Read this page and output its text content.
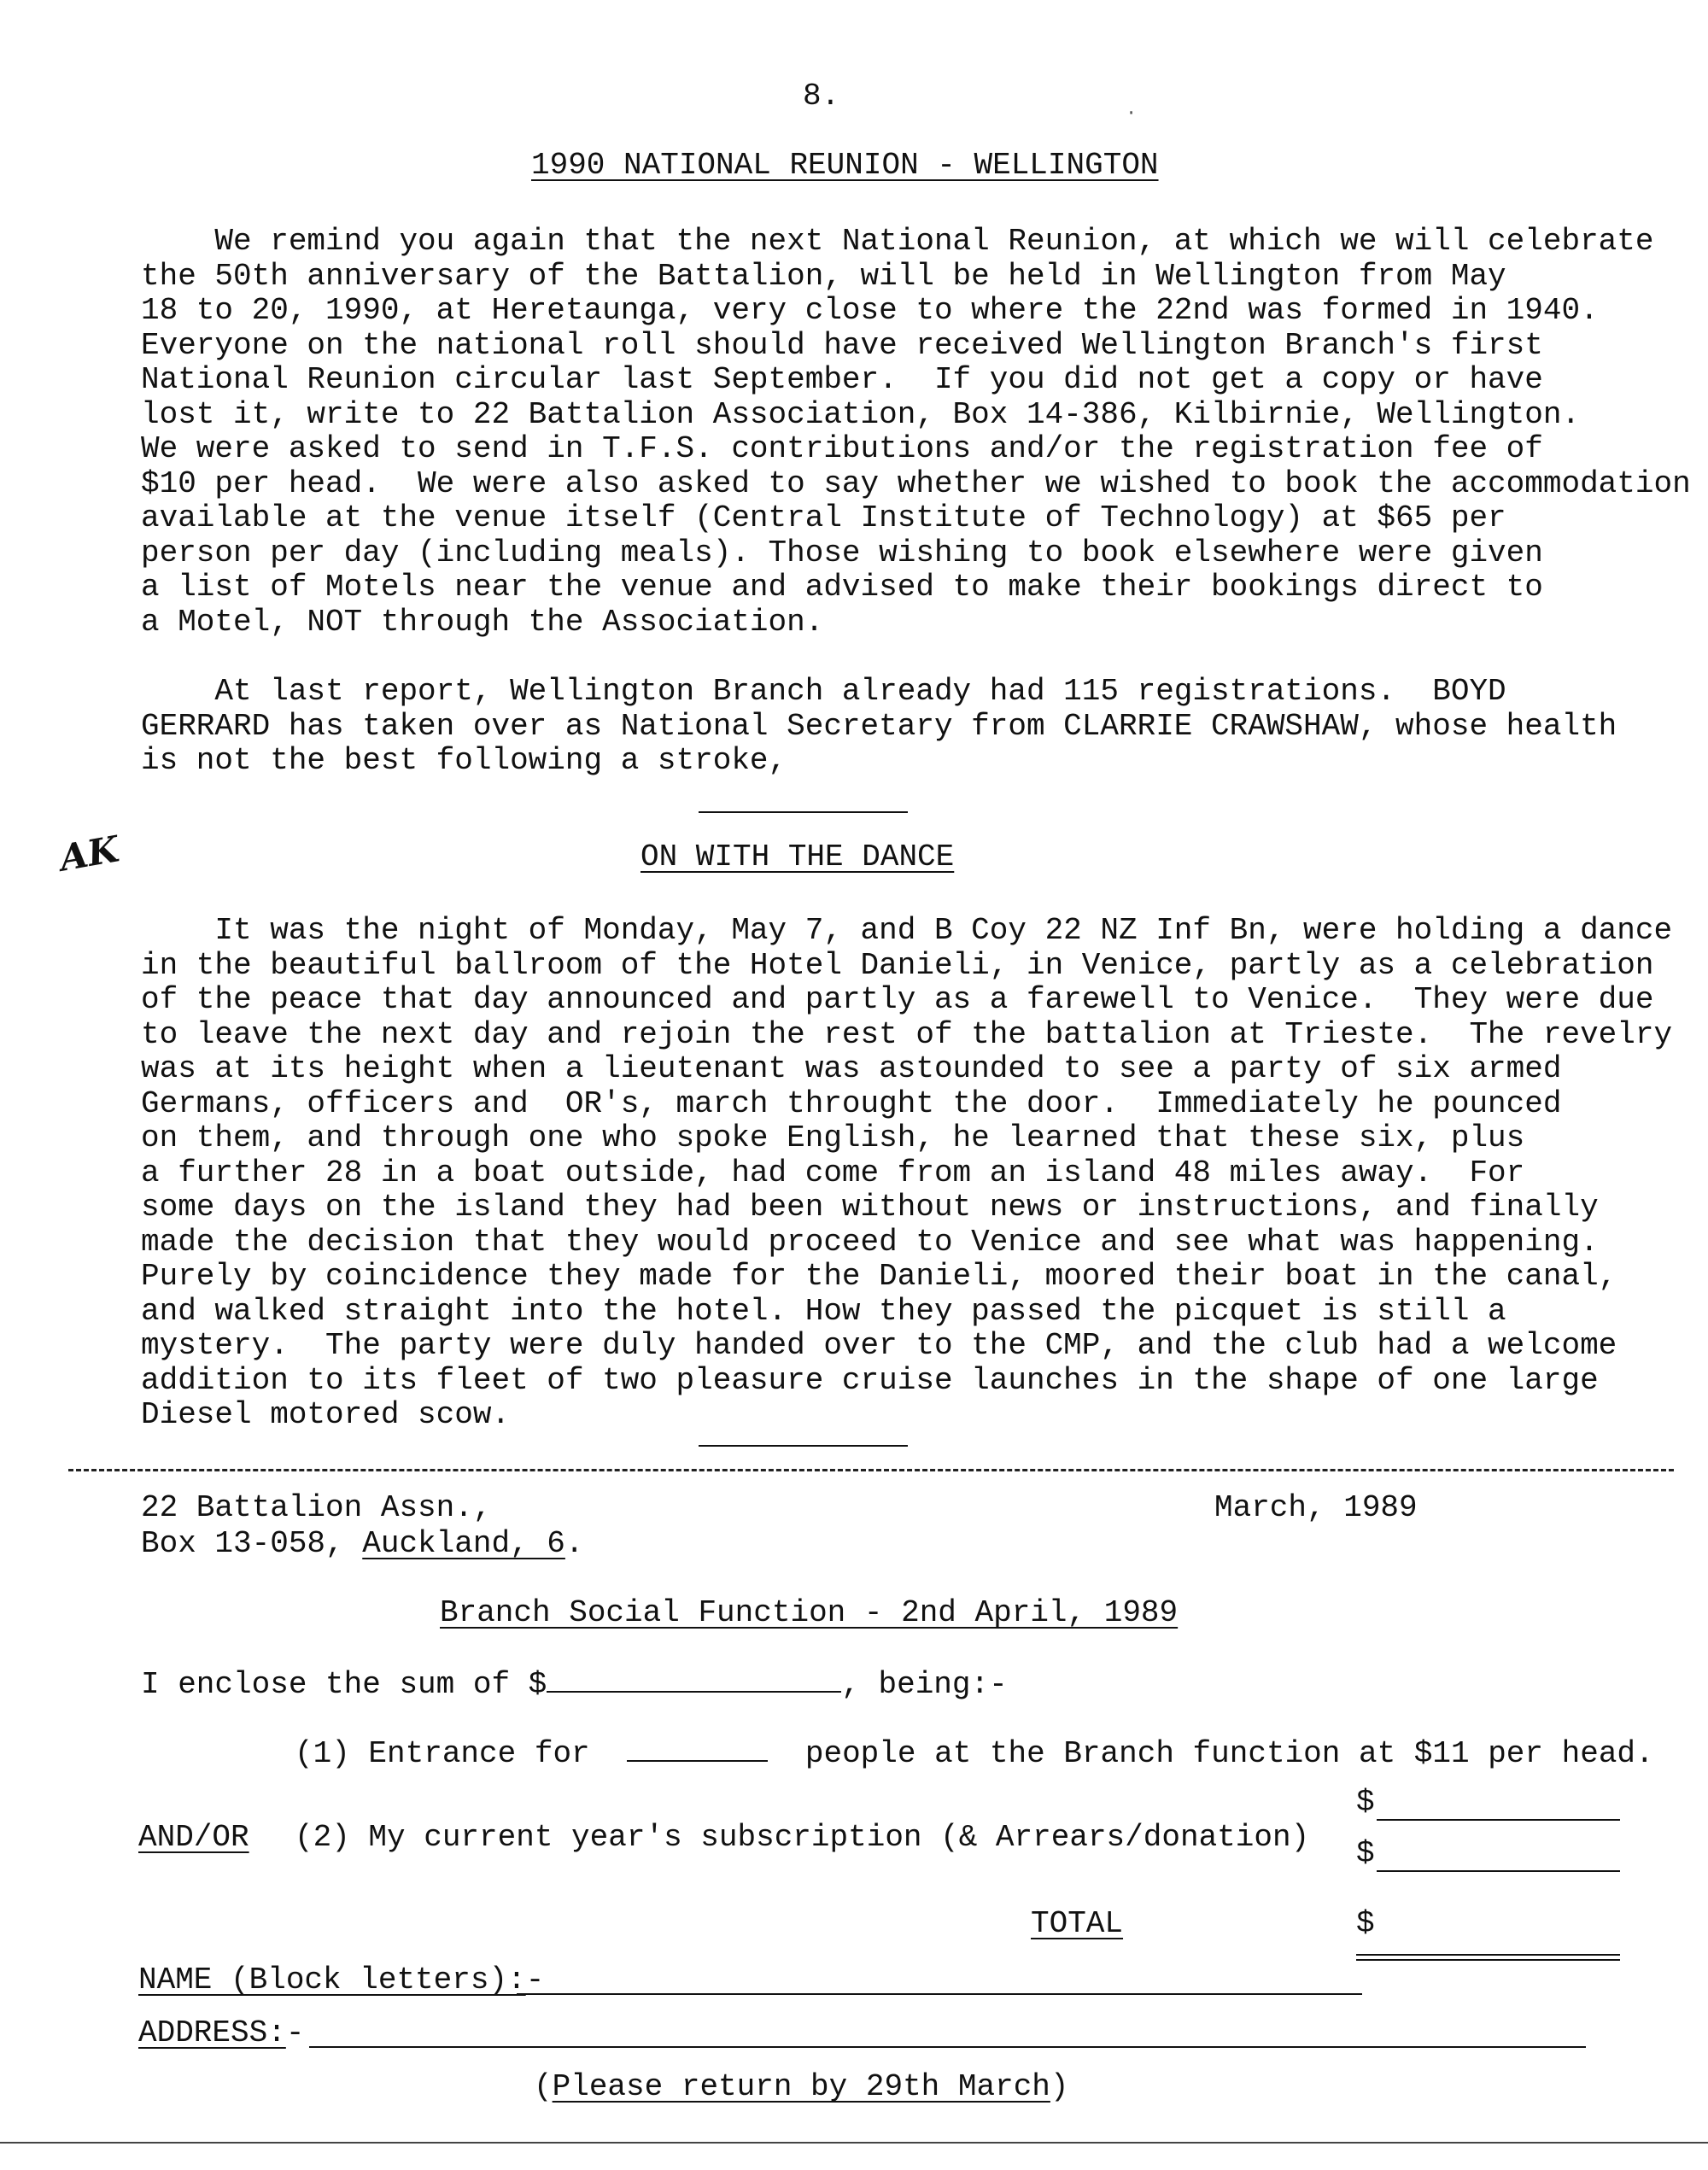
8.	·
1990 NATIONAL REUNION - WELLINGTON
We remind you again that the next National Reunion, at which we will celebrate
the 50th anniversary of the Battalion, will be held in Wellington from May
18 to 20, 1990, at Heretaunga, very close to where the 22nd was formed in 1940.
Everyone on the national roll should have received Wellington Branch's first
National Reunion circular last September.  If you did not get a copy or have
lost it, write to 22 Battalion Association, Box 14-386, Kilbirnie, Wellington.
We were asked to send in T.F.S. contributions and/or the registration fee of
$10 per head.  We were also asked to say whether we wished to book the accommodation
available at the venue itself (Central Institute of Technology) at $65 per
person per day (including meals). Those wishing to book elsewhere were given
a list of Motels near the venue and advised to make their bookings direct to
a Motel, NOT through the Association.
At last report, Wellington Branch already had 115 registrations.  BOYD
GERRARD has taken over as National Secretary from CLARRIE CRAWSHAW, whose health
is not the best following a stroke,
AK	ON WITH THE DANCE
It was the night of Monday, May 7, and B Coy 22 NZ Inf Bn, were holding a dance
in the beautiful ballroom of the Hotel Danieli, in Venice, partly as a celebration
of the peace that day announced and partly as a farewell to Venice.  They were due
to leave the next day and rejoin the rest of the battalion at Trieste.  The revelry
was at its height when a lieutenant was astounded to see a party of six armed
Germans, officers and  OR's, march throught the door.  Immediately he pounced
on them, and through one who spoke English, he learned that these six, plus
a further 28 in a boat outside, had come from an island 48 miles away.  For
some days on the island they had been without news or instructions, and finally
made the decision that they would proceed to Venice and see what was happening.
Purely by coincidence they made for the Danieli, moored their boat in the canal,
and walked straight into the hotel. How they passed the picquet is still a
mystery.  The party were duly handed over to the CMP, and the club had a welcome
addition to its fleet of two pleasure cruise launches in the shape of one large
Diesel motored scow.
22 Battalion Assn.,
Box 13-058, Auckland, 6.
March, 1989
Branch Social Function - 2nd April, 1989
I enclose the sum of $	, being:-
(1) Entrance for	people at the Branch function at $11 per head.
$
AND/OR (2) My current year's subscription (& Arrears/donation) $
TOTAL	$
NAME (Block letters):-
ADDRESS:-
(Please return by 29th March)
